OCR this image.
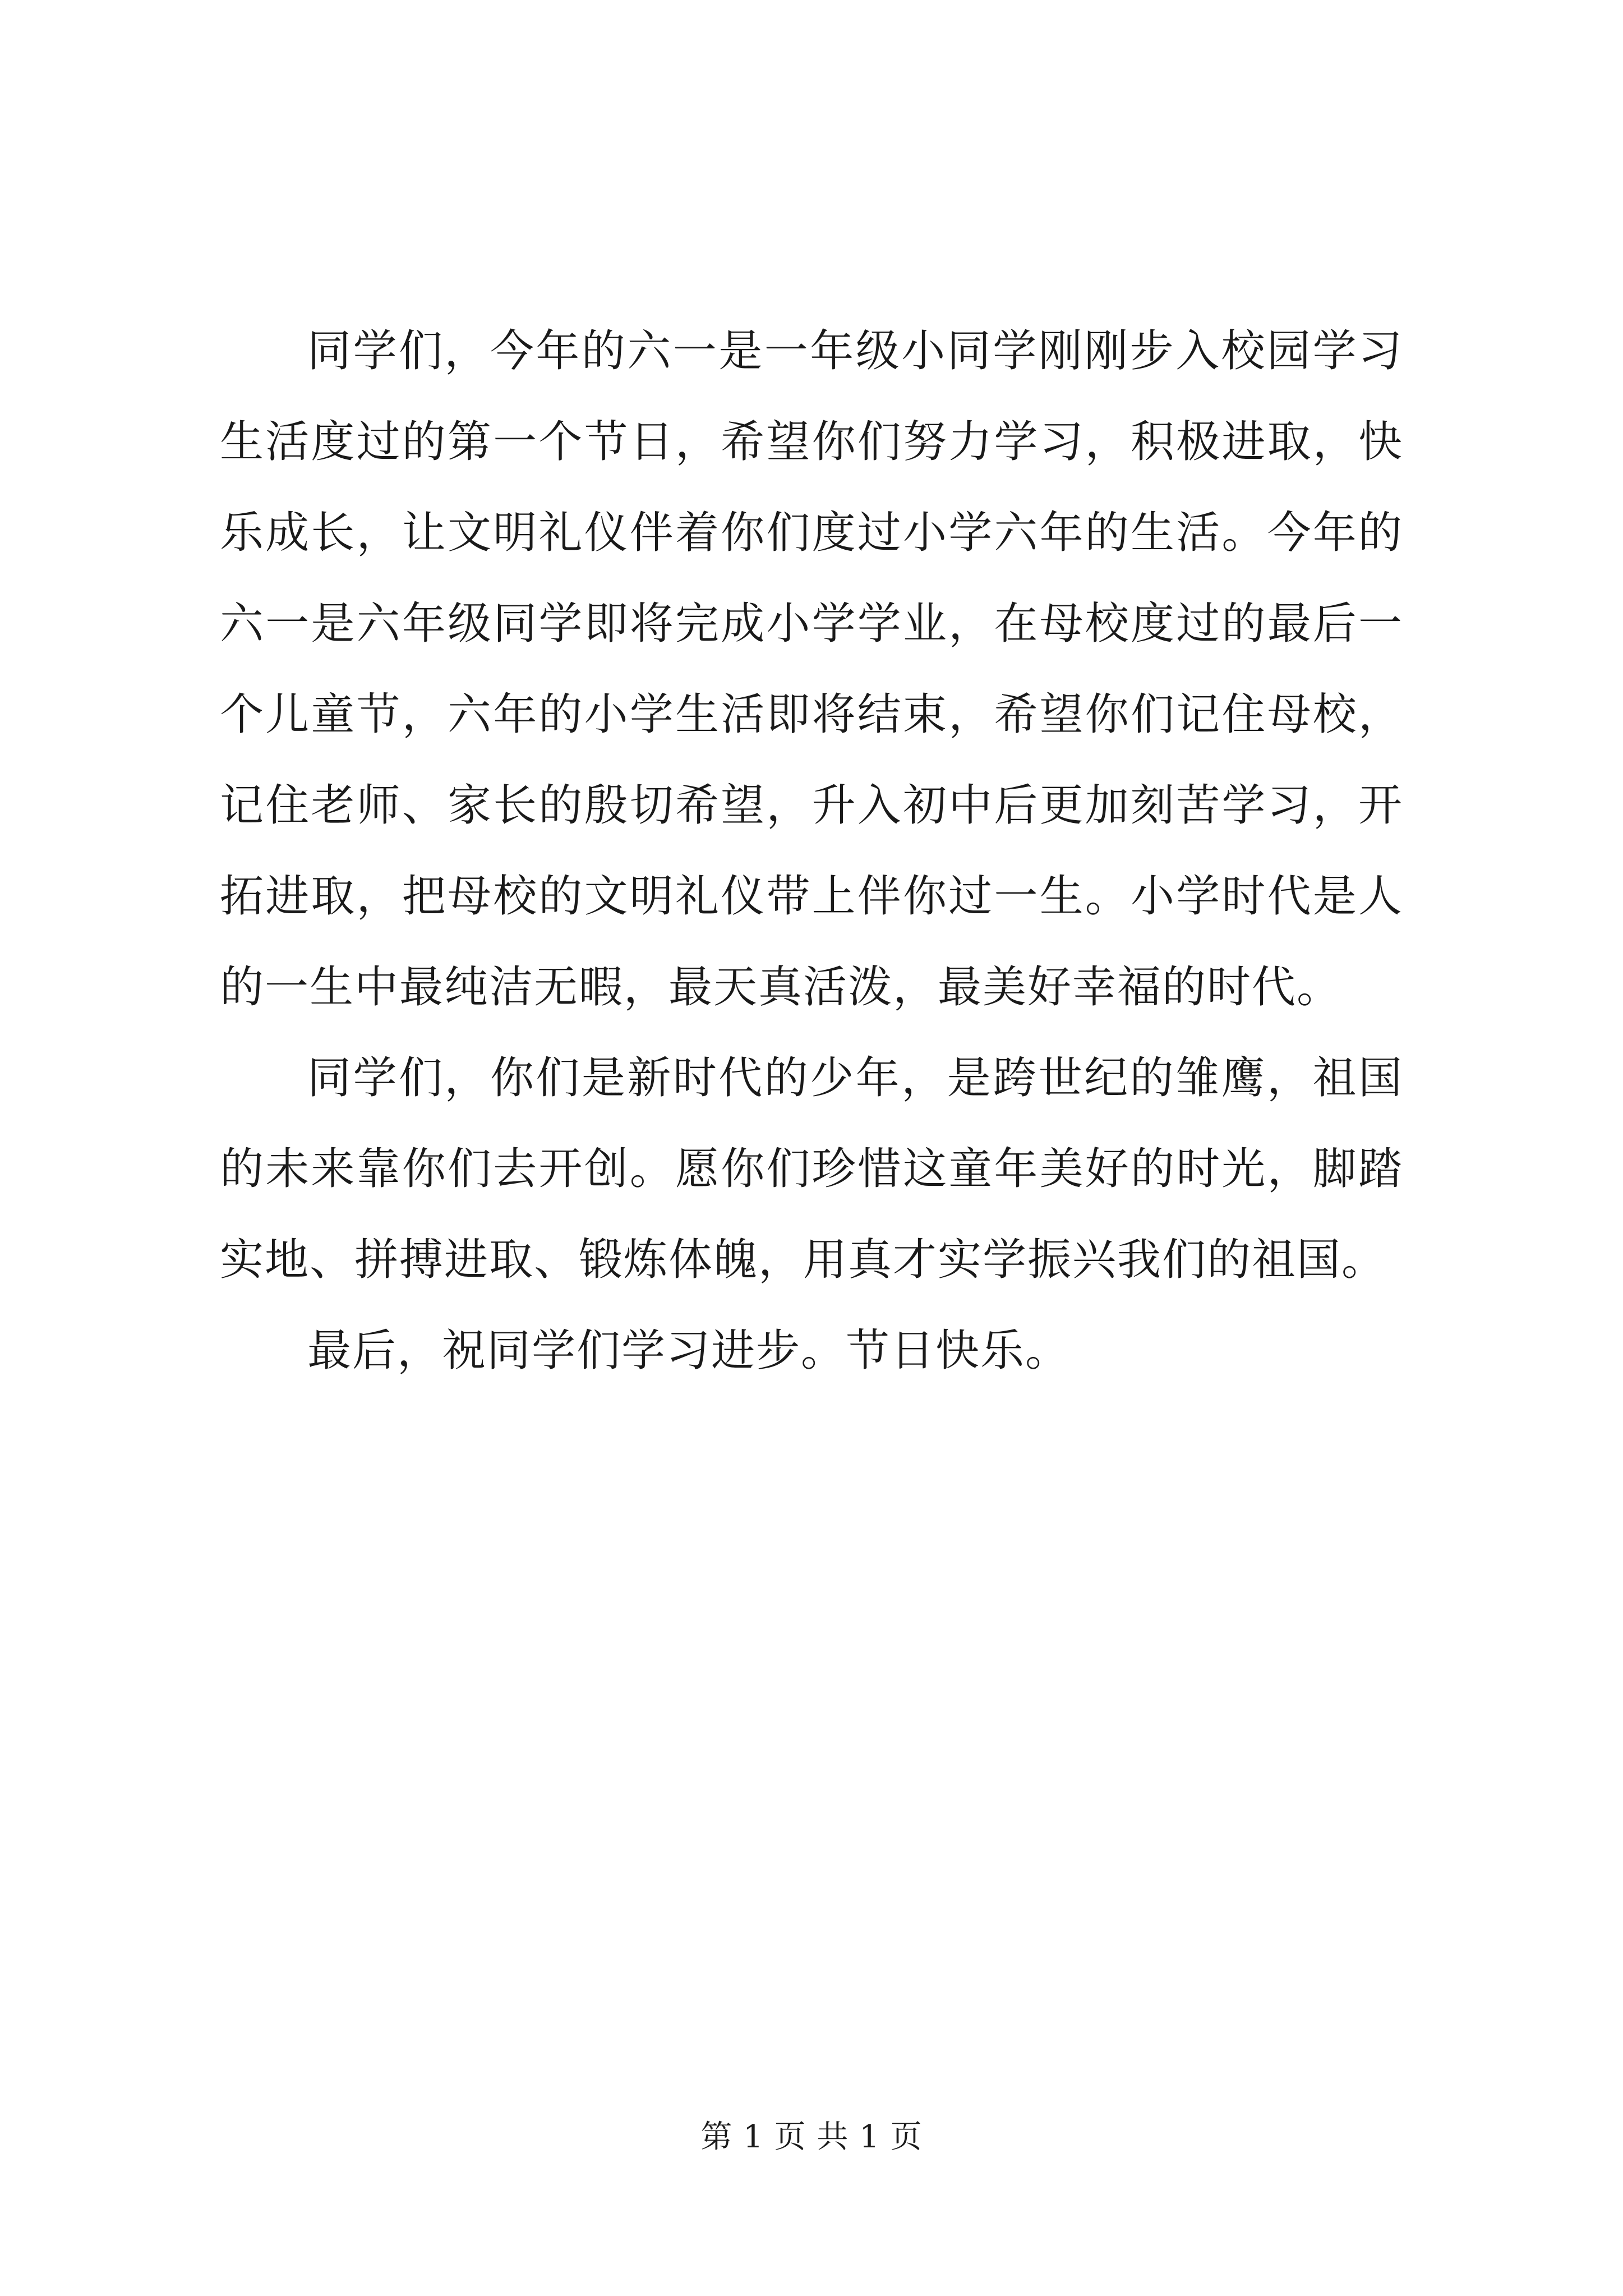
同学们，今年的六一是一年级小同学刚刚步入校园学习生活度过的第一个节日，希望你们努力学习，积极进取，快乐成长，让文明礼仪伴着你们度过小学六年的生活。今年的六一是六年级同学即将完成小学学业，在母校度过的最后一个儿童节，六年的小学生活即将结束，希望你们记住母校，记住老师、家长的殷切希望，升入初中后更加刻苦学习，开拓进取，把母校的文明礼仪带上伴你过一生。小学时代是人的一生中最纯洁无暇，最天真活泼，最美好幸福的时代。

同学们，你们是新时代的少年，是跨世纪的雏鹰，祖国的未来靠你们去开创。愿你们珍惜这童年美好的时光，脚踏实地、拼搏进取、锻炼体魄，用真才实学振兴我们的祖国。

最后，祝同学们学习进步。节日快乐。

第 1 页 共 1 页
